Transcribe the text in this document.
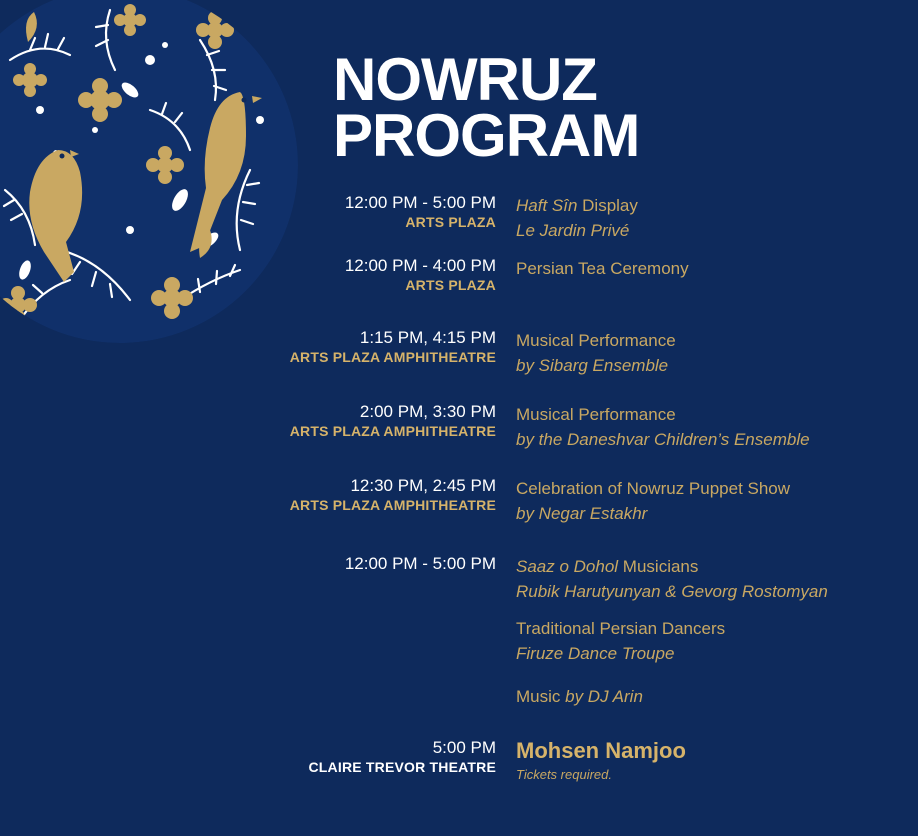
NOWRUZ
PROGRAM
12:00 PM - 5:00 PM
ARTS PLAZA
Haft Sîn Display
Le Jardin Privé
12:00 PM - 4:00 PM
ARTS PLAZA
Persian Tea Ceremony
1:15 PM, 4:15 PM
ARTS PLAZA AMPHITHEATRE
Musical Performance
by Sibarg Ensemble
2:00 PM, 3:30 PM
ARTS PLAZA AMPHITHEATRE
Musical Performance
by the Daneshvar Children’s Ensemble
12:30 PM, 2:45 PM
ARTS PLAZA AMPHITHEATRE
Celebration of Nowruz Puppet Show
by Negar Estakhr
12:00 PM - 5:00 PM Saaz o Dohol Musicians
Rubik Harutyunyan & Gevorg Rostomyan
Traditional Persian Dancers
Firuze Dance Troupe
Music by DJ Arin
5:00 PM
CLAIRE TREVOR THEATRE
Mohsen Namjoo
Tickets required.
